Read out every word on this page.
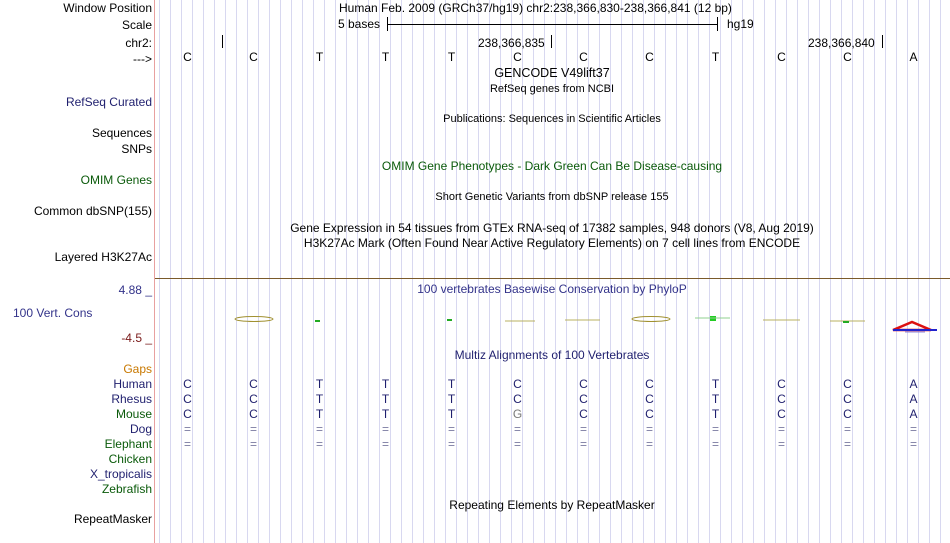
Window Position	Human Feb. 2009 (GRCh37/hg19) chr2:238,366,830-238,366,841 (12 bp)
Scale	5 bases	hg19
chr2:	238,366,835	238,366,840
--->	C	C	T	T	T	C	C	C	T	C	C	A
GENCODE V49lift37
RefSeq genes from NCBI
RefSeq Curated
Publications: Sequences in Scientific Articles
Sequences
SNPs
OMIM Gene Phenotypes - Dark Green Can Be Disease-causing
OMIM Genes
Short Genetic Variants from dbSNP release 155
Common dbSNP(155)
Gene Expression in 54 tissues from GTEx RNA-seq of 17382 samples, 948 donors (V8, Aug 2019)
H3K27Ac Mark (Often Found Near Active Regulatory Elements) on 7 cell lines from ENCODE
Layered H3K27Ac
4.88 _	100 vertebrates Basewise Conservation by PhyloP
100 Vert. Cons
-4.5 _
Multiz Alignments of 100 Vertebrates
Gaps
Human	C	C	T	T	T	C	C	C	T	C	C	A
Rhesus	C	C	T	T	T	C	C	C	T	C	C	A
Mouse	C	C	T	T	T	G	C	C	T	C	C	A
Dog	=	=	=	=	=	=	=	=	=	=	=	=
Elephant	=	=	=	=	=	=	=	=	=	=	=	=
Chicken
X_tropicalis
Zebrafish
Repeating Elements by RepeatMasker
RepeatMasker
